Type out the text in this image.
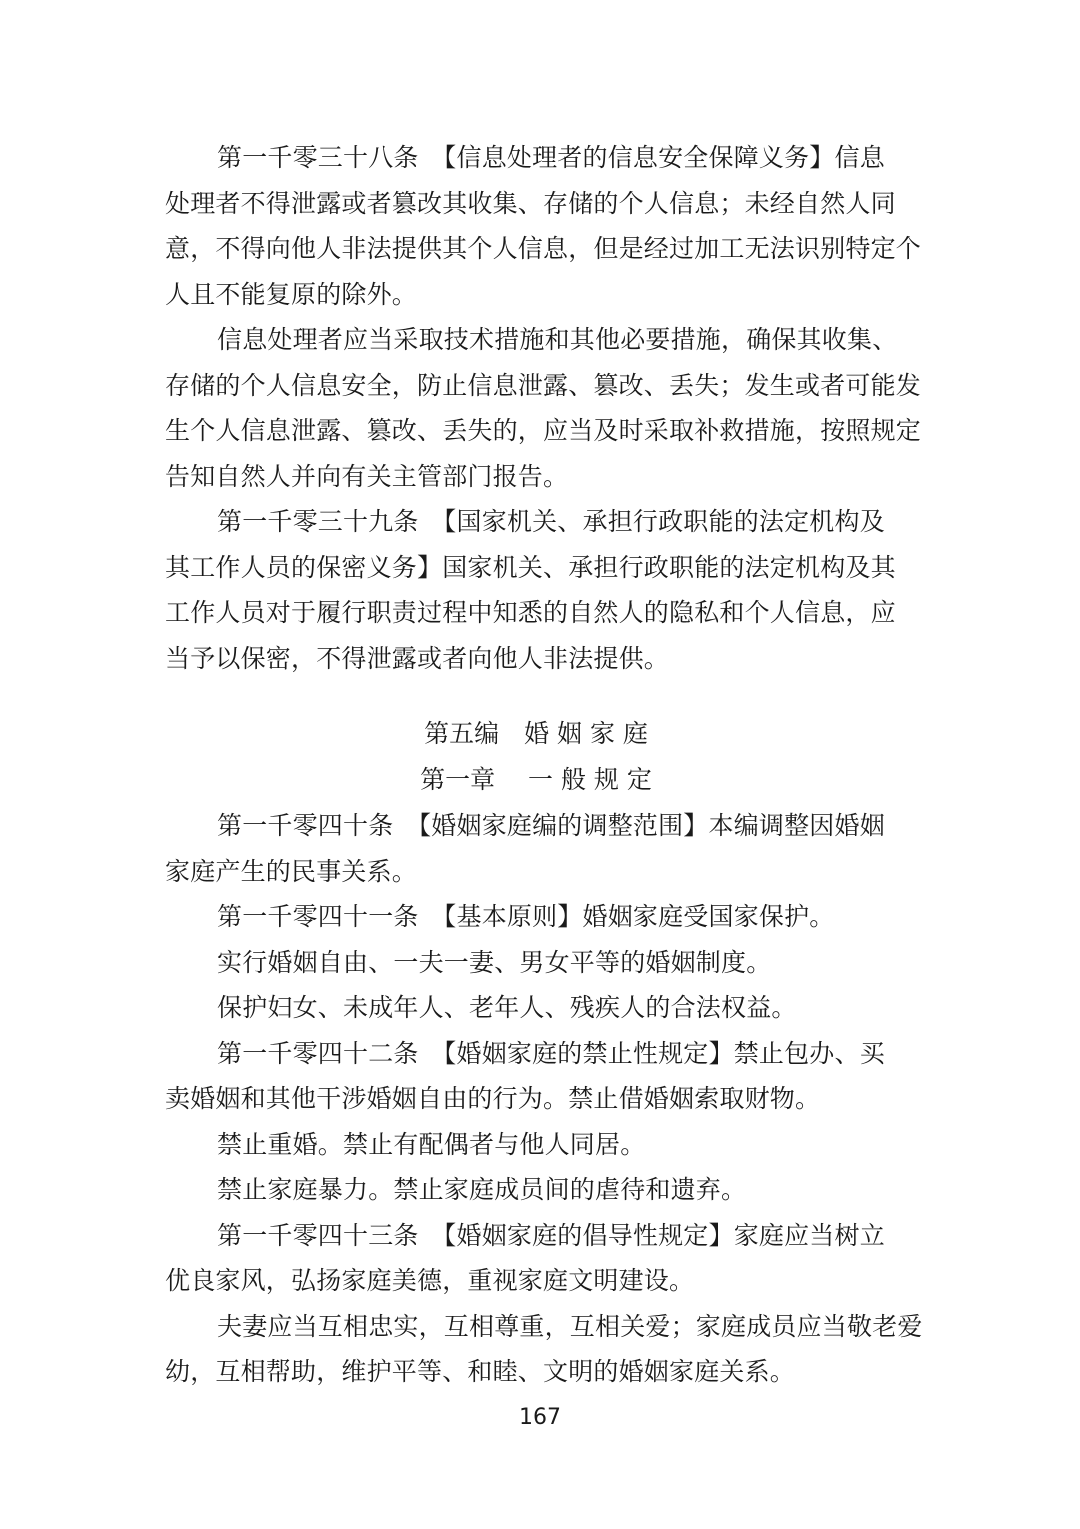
第一千零三十八条　【信息处理者的信息安全保障义务】信息
处理者不得泄露或者篡改其收集、存储的个人信息；未经自然人同
意，不得向他人非法提供其个人信息，但是经过加工无法识别特定个
人且不能复原的除外。
信息处理者应当采取技术措施和其他必要措施，确保其收集、
存储的个人信息安全，防止信息泄露、篡改、丢失；发生或者可能发
生个人信息泄露、篡改、丢失的，应当及时采取补救措施，按照规定
告知自然人并向有关主管部门报告。
第一千零三十九条　【国家机关、承担行政职能的法定机构及
其工作人员的保密义务】国家机关、承担行政职能的法定机构及其
工作人员对于履行职责过程中知悉的自然人的隐私和个人信息，应
当予以保密，不得泄露或者向他人非法提供。
第五编　婚 姻 家 庭
第一章　 一 般 规 定
第一千零四十条　【婚姻家庭编的调整范围】本编调整因婚姻
家庭产生的民事关系。
第一千零四十一条　【基本原则】婚姻家庭受国家保护。
实行婚姻自由、一夫一妻、男女平等的婚姻制度。
保护妇女、未成年人、老年人、残疾人的合法权益。
第一千零四十二条　【婚姻家庭的禁止性规定】禁止包办、买
卖婚姻和其他干涉婚姻自由的行为。禁止借婚姻索取财物。
禁止重婚。禁止有配偶者与他人同居。
禁止家庭暴力。禁止家庭成员间的虐待和遗弃。
第一千零四十三条　【婚姻家庭的倡导性规定】家庭应当树立
优良家风，弘扬家庭美德，重视家庭文明建设。
夫妻应当互相忠实，互相尊重，互相关爱；家庭成员应当敬老爱
幼，互相帮助，维护平等、和睦、文明的婚姻家庭关系。
167
